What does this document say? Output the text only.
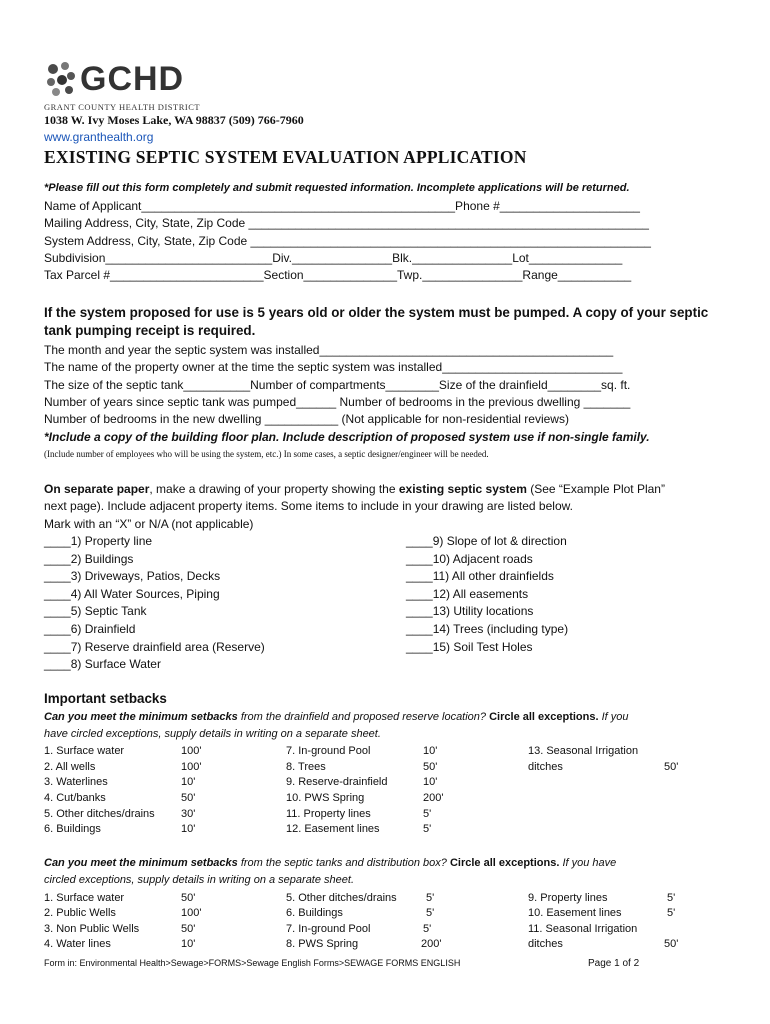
GCHD
GRANT COUNTY HEALTH DISTRICT
1038 W. Ivy Moses Lake, WA 98837 (509) 766-7960
www.granthealth.org
EXISTING SEPTIC SYSTEM EVALUATION APPLICATION
*Please fill out this form completely and submit requested information. Incomplete applications will be returned.
Name of Applicant_______________________________________________Phone #_____________________
Mailing Address, City, State, Zip Code ____________________________________________________________
System Address, City, State, Zip Code ____________________________________________________________
Subdivision_________________________Div._______________Blk._______________Lot______________
Tax Parcel #_______________________Section______________Twp._______________Range___________
If the system proposed for use is 5 years old or older the system must be pumped. A copy of your septic
tank pumping receipt is required.
The month and year the septic system was installed____________________________________________
The name of the property owner at the time the septic system was installed___________________________
The size of the septic tank__________Number of compartments________Size of the drainfield________sq. ft.
Number of years since septic tank was pumped______ Number of bedrooms in the previous dwelling _______
Number of bedrooms in the new dwelling ___________ (Not applicable for non-residential reviews)
*Include a copy of the building floor plan. Include description of proposed system use if non-single family.
(Include number of employees who will be using the system, etc.) In some cases, a septic designer/engineer will be needed.
On separate paper, make a drawing of your property showing the existing septic system (See “Example Plot Plan”
next page). Include adjacent property items. Some items to include in your drawing are listed below.
Mark with an “X” or N/A (not applicable)
____1) Property line
____2) Buildings
____3) Driveways, Patios, Decks
____4) All Water Sources, Piping
____5) Septic Tank
____6) Drainfield
____7) Reserve drainfield area (Reserve)
____8) Surface Water
____9) Slope of lot & direction
____10) Adjacent roads
____11) All other drainfields
____12) All easements
____13) Utility locations
____14) Trees (including type)
____15) Soil Test Holes
Important setbacks
Can you meet the minimum setbacks from the drainfield and proposed reserve location? Circle all exceptions. If you
have circled exceptions, supply details in writing on a separate sheet.
1. Surface water	100'
2. All wells	100'
3. Waterlines	10'
4. Cut/banks	50'
5. Other ditches/drains 30'
6. Buildings	10'
7. In-ground Pool	10'
8. Trees	50'
9. Reserve-drainfield	10'
10. PWS Spring	200'
11. Property lines	5'
12. Easement lines	5'
13. Seasonal Irrigation
ditches	50'
Can you meet the minimum setbacks from the septic tanks and distribution box? Circle all exceptions. If you have
circled exceptions, supply details in writing on a separate sheet.
1. Surface water	50'
2. Public Wells	100'
3. Non Public Wells	50'
4. Water lines	10'
5. Other ditches/drains	5'
6. Buildings	5'
7. In-ground Pool	5'
8. PWS Spring	200'
9. Property lines	5'
10. Easement lines	5'
11. Seasonal Irrigation
ditches	50'
Form in: Environmental Health>Sewage>FORMS>Sewage English Forms>SEWAGE FORMS ENGLISH	Page 1 of 2
